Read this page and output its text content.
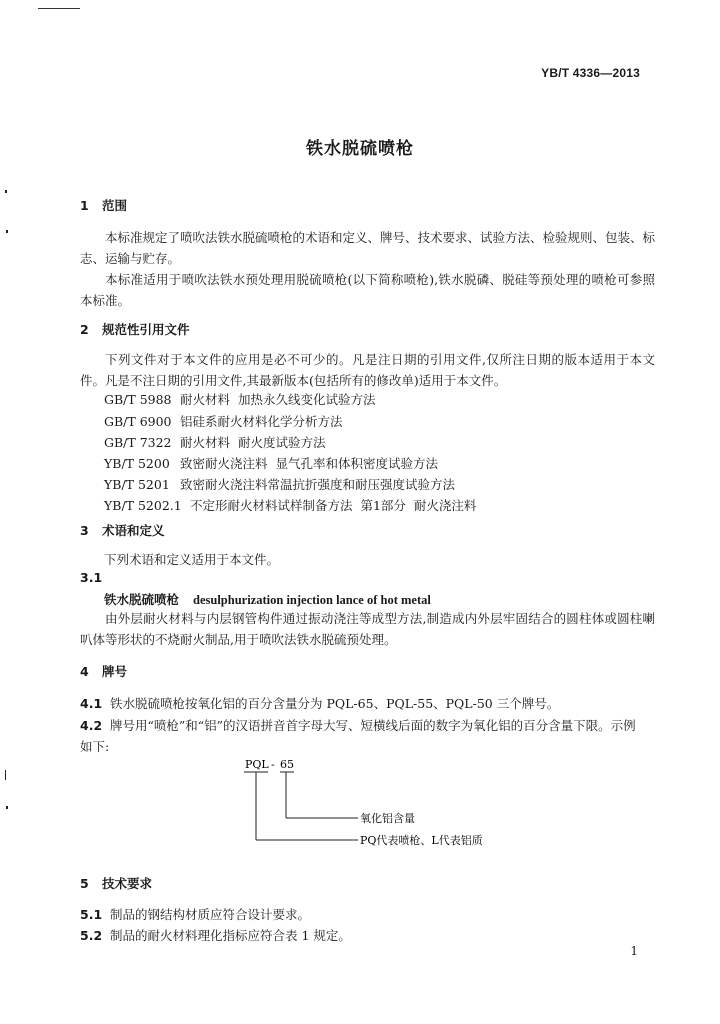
YB/T 4336—2013
铁水脱硫喷枪
1 范围
本标准规定了喷吹法铁水脱硫喷枪的术语和定义、牌号、技术要求、试验方法、检验规则、包装、标志、运输与贮存。
本标准适用于喷吹法铁水预处理用脱硫喷枪(以下简称喷枪),铁水脱磷、脱硅等预处理的喷枪可参照本标准。
2 规范性引用文件
下列文件对于本文件的应用是必不可少的。凡是注日期的引用文件,仅所注日期的版本适用于本文件。凡是不注日期的引用文件,其最新版本(包括所有的修改单)适用于本文件。
GB/T 5988 耐火材料  加热永久线变化试验方法
GB/T 6900 铝硅系耐火材料化学分析方法
GB/T 7322 耐火材料  耐火度试验方法
YB/T 5200 致密耐火浇注料  显气孔率和体积密度试验方法
YB/T 5201 致密耐火浇注料常温抗折强度和耐压强度试验方法
YB/T 5202.1 不定形耐火材料试样制备方法  第1部分  耐火浇注料
3 术语和定义
下列术语和定义适用于本文件。
3.1
铁水脱硫喷枪 desulphurization injection lance of hot metal
由外层耐火材料与内层钢管构件通过振动浇注等成型方法,制造成内外层牢固结合的圆柱体或圆柱喇叭体等形状的不烧耐火制品,用于喷吹法铁水脱硫预处理。
4 牌号
4.1 铁水脱硫喷枪按氧化铝的百分含量分为 PQL-65、PQL-55、PQL-50 三个牌号。
4.2 牌号用“喷枪”和“铝”的汉语拼音首字母大写、短横线后面的数字为氧化铝的百分含量下限。示例
如下:
PQL - 65
氧化铝含量
PQ代表喷枪、L代表铝质
5 技术要求
5.1 制品的钢结构材质应符合设计要求。
5.2 制品的耐火材料理化指标应符合表 1 规定。
1
